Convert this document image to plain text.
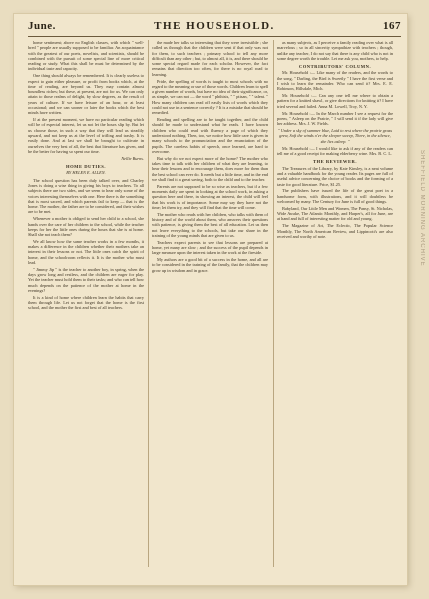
June.	THE HOUSEHOLD.	167

home sentiment; above no English classes, with which " well-bred " people are usually supposed to be familiar. An acquaintance with the greatest of our poets, novelists, and scientists, should be combined with the pursuit of some special line of more critical reading or study. What this shall be must be determined by the individual taste and capacity.

One thing should always be remembered. It is clearly useless to expect to gain either pleasure, or profit from books which, at the time of reading, are beyond us. They may contain almost boundless riches; but these, at present, are not for us. We can only attain to those realms of delight, by slow degrees, as the result of years of culture. If we have leisure of an hour, or at least occasional; and we can sooner or later the books which the best minds have written.

If at the present moment, we have no particular reading which will be of especial interest, let us not let the hours slip by. But let us choose those, in such a way that they will lead us steadily upward, and not keep us at the level of trifling and trashy. It is easily done. And at last we shall be brought to cultivate in ourselves the very best of all, the best that literature has given, and be the better for having so spent our time.

Nellie Burns.
HOME DUTIES.
BY HELEN E. ALLEN.

The school question has been duly talked over, and Charley Jones is doing a wise thing in giving his boys to teachers. To all subjects there are two sides, and we seem to hear only some of the voices interesting themselves with one. Here there is the something that is most sacred, and which parents fail to keep — that is the home. The mother, the father are to be considered, and their wishes are to be met.

Whenever a mother is obliged to send her child to a school, she hands over the care of her children to the school, while the teacher keeps for her the little ones during the hours that she is at home. Shall she not teach them?

We all know how the same teacher works in a few months, it makes a difference in the children whether their mothers take an interest in their lessons or not. The little ones catch the spirit of home, and the schoolroom reflects it. It is the mother who must lead.

" Jimmy Jip " is the teacher to another boy, in spring, when the days grow long and restless, and the children are eager for play. Yet the teacher must hold them to their tasks; and who can tell how much depends on the patience of the mother at home in the evenings?

It is a kind of home where children learn the habits that carry them through life. Let us not forget that the home is the first school, and the mother the first and best of all teachers.

the made her talks so interesting that they were irresistible ; she called us through that the children were sent if that only was not for them, to such teachers ; primary school to tell any more difficult than any other ; but, to almost all, it is, and there should be some special regard made for each scholar. However, the fact remains that direction too often, for there is no royal road to learning.

Pride, the spelling of words is taught to most schools with no regard to the meaning or use of those words. Children learn to spell a given number of words, but have no idea of their significance, or, as simple, we can not — the word " phthisis, " " ptisan, " " talent. " How many children can read off easily lists of words which they could not use in a sentence correctly ? It is a mistake that should be remedied.

Reading and spelling are to be taught together, and the child should be made to understand what he reads. I have known children who could read with fluency a page of which they understood nothing. Then, too, we notice how little care is given in many schools to the pronunciation and the enunciation of the pupils. The careless habits of speech, once learned, are hard to overcome.

But why do we not expect more of the home? The mother who takes time to talk with her children of what they are learning, to hear their lessons and to encourage them, does more for them than the best school can ever do. It needs but a little time, and in the end we shall find it a great saving, both to the child and to the teacher.

Parents are not supposed to be so wise as teachers, but if a few moments daily are spent in looking at the school work, in asking a question here and there, in showing an interest, the child will feel that his work is of importance. Some may say they have not the time; let them try, and they will find that the time will come.

The mother who reads with her children, who talks with them of history and of the world about them, who answers their questions with patience, is giving them the best of all education. Let us then not leave everything to the schools, but take our share in the training of the young minds that are given to us.

Teachers expect parents to see that lessons are prepared at home, yet many are slow ; and the success of the pupil depends in large measure upon the interest taken in the work at the fireside.

My authors are a good bit of a success in the home, and all are to be considered in the training of the family, that the children may grow up in wisdom and in grace.

as many subjects, as I perceive a family reading over what is all marvelous ; so in all sincerity sympathize with teachers ; though, unlike any teacher, I do not say that there is any child who is not in some degree worth the trouble. Let me ask you, mothers, to help.

CONTRIBUTORS' COLUMN.

Mr. Household :— Like many of the readers, and the words to the song, " Darling, the Bird is Sweetly " I have the first verse and I wish to learn the remainder. Who can send it? Mrs. E. E. Robinson, Hillsdale, Mich.

Mr. Household :— Can any one tell me where to obtain a pattern for a knitted shawl, or give directions for knitting it? I have tried several and failed. Anna M. Lowell, Troy, N. Y.

Mr. Household :— In the March number I see a request for the poem, " Asleep on the Prairie, " I will send it if the lady will give her address. Mrs. J. W. Fields.

" Under a sky of summer blue, Laid to rest where the prairie grass grew, Soft the winds o'er the sleeper sweep, There, in the silence, she lies asleep. "

Mr. Household :— I would like to ask if any of the readers can tell me of a good receipt for making elderberry wine. Mrs. B. C. L.

THE REVIEWER.

The Treasures of the Library, by Kate Kinsley, is a neat volume and a valuable handbook for the young reader. Its pages are full of useful advice concerning the choice of books and the forming of a taste for good literature. Price, $1.25.

The publishers have issued the life of the great poet in a handsome form, with illustrations, and it will doubtless be welcomed by many. The Century for June is full of good things.

Babyland, Our Little Men and Women, The Pansy, St. Nicholas, Wide Awake, The Atlantic Monthly, and Harper's, all for June, are at hand and full of interesting matter for old and young.

The Magazine of Art, The Eclectic, The Popular Science Monthly, The North American Review, and Lippincott's are also received and worthy of note.	SHEFFIELD MORNING ARCHIVE
